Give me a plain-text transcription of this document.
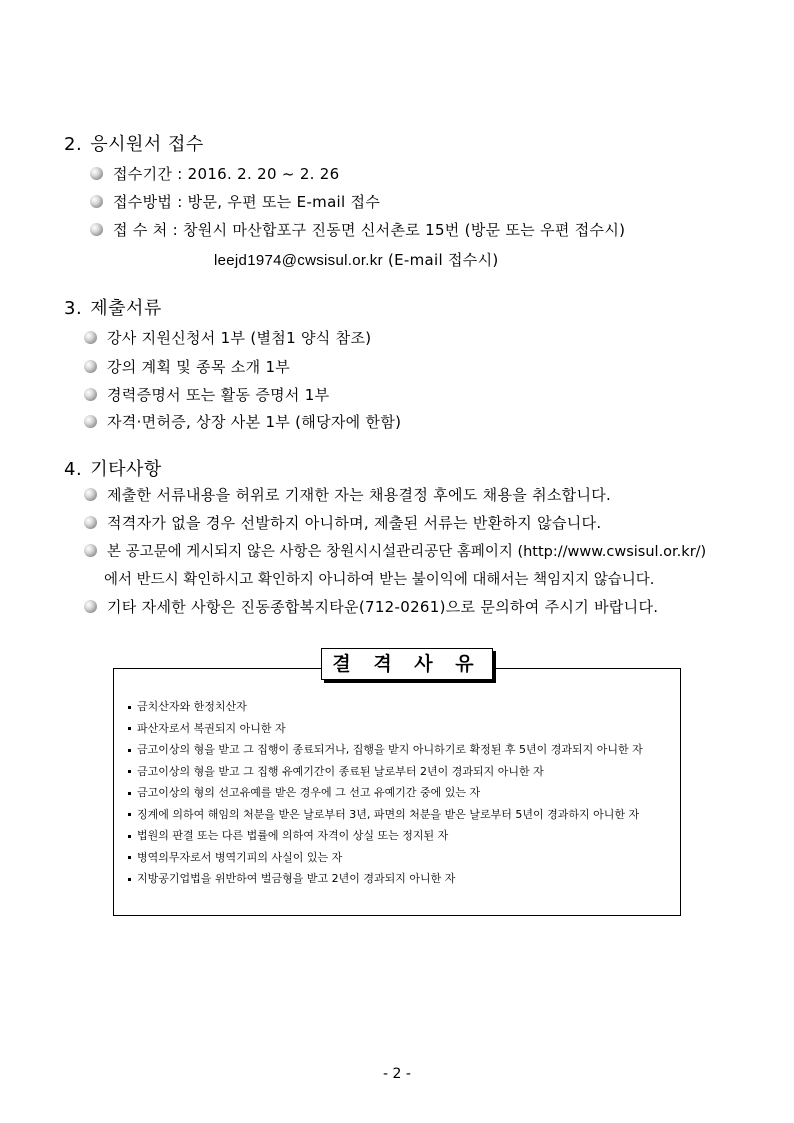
2. 응시원서 접수
접수기간 : 2016. 2. 20 ~ 2. 26
접수방법 : 방문, 우편 또는 E-mail 접수
접 수 처 : 창원시 마산합포구 진동면 신서촌로 15번 (방문 또는 우편 접수시)
leejd1974@cwsisul.or.kr (E-mail 접수시)
3. 제출서류
강사 지원신청서 1부 (별첨1 양식 참조)
강의 계획 및 종목 소개 1부
경력증명서 또는 활동 증명서 1부
자격·면허증, 상장 사본 1부 (해당자에 한함)
4. 기타사항
제출한 서류내용을 허위로 기재한 자는 채용결정 후에도 채용을 취소합니다.
적격자가 없을 경우 선발하지 아니하며, 제출된 서류는 반환하지 않습니다.
본 공고문에 게시되지 않은 사항은 창원시시설관리공단 홈페이지 (http://www.cwsisul.or.kr/)
에서 반드시 확인하시고 확인하지 아니하여 받는 불이익에 대해서는 책임지지 않습니다.
기타 자세한 사항은 진동종합복지타운(712-0261)으로 문의하여 주시기 바랍니다.
결 격 사 유
금치산자와 한정치산자
파산자로서 복권되지 아니한 자
금고이상의 형을 받고 그 집행이 종료되거나, 집행을 받지 아니하기로 확정된 후 5년이 경과되지 아니한 자
금고이상의 형을 받고 그 집행 유예기간이 종료된 날로부터 2년이 경과되지 아니한 자
금고이상의 형의 선고유예를 받은 경우에 그 선고 유예기간 중에 있는 자
징계에 의하여 해임의 처분을 받은 날로부터 3년, 파면의 처분을 받은 날로부터 5년이 경과하지 아니한 자
법원의 판결 또는 다른 법률에 의하여 자격이 상실 또는 정지된 자
병역의무자로서 병역기피의 사실이 있는 자
지방공기업법을 위반하여 벌금형을 받고 2년이 경과되지 아니한 자
- 2 -
